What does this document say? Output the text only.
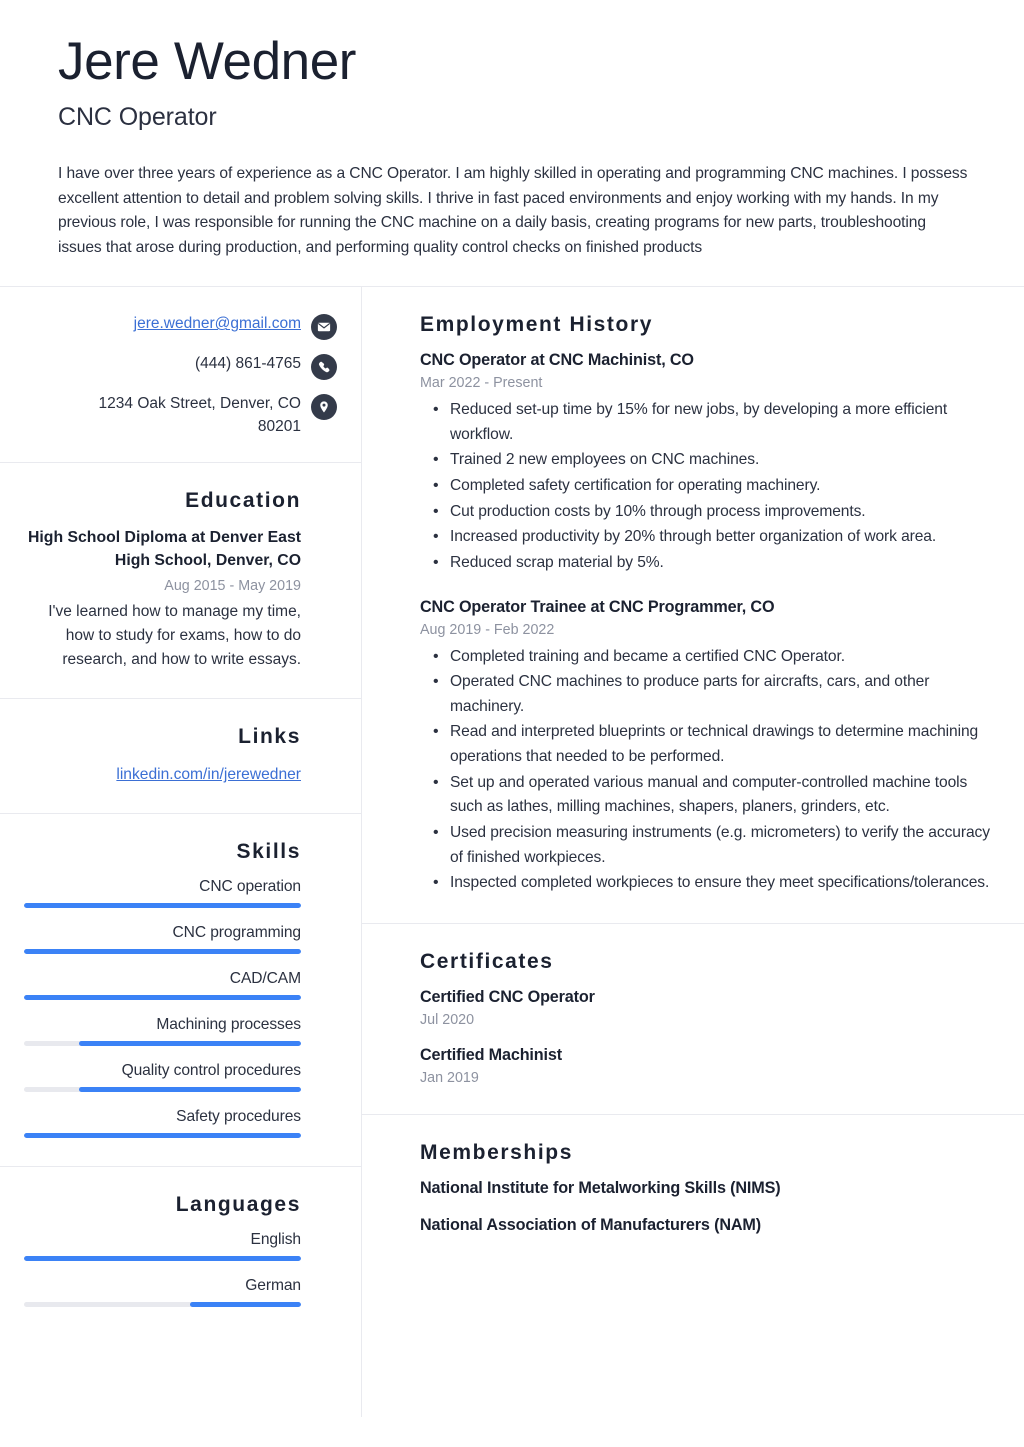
Jere Wedner
CNC Operator

I have over three years of experience as a CNC Operator. I am highly skilled in operating and programming CNC machines. I possess excellent attention to detail and problem solving skills. I thrive in fast paced environments and enjoy working with my hands. In my previous role, I was responsible for running the CNC machine on a daily basis, creating programs for new parts, troubleshooting issues that arose during production, and performing quality control checks on finished products

jere.wedner@gmail.com
(444) 861-4765
1234 Oak Street, Denver, CO 80201
Education
High School Diploma at Denver East High School, Denver, CO
Aug 2015 - May 2019
I've learned how to manage my time, how to study for exams, how to do research, and how to write essays.
Links
linkedin.com/in/jerewedner
Skills
CNC operation
CNC programming
CAD/CAM
Machining processes
Quality control procedures
Safety procedures
Languages
English
German
Employment History
CNC Operator at CNC Machinist, CO
Mar 2022 - Present
• Reduced set-up time by 15% for new jobs, by developing a more efficient workflow.
• Trained 2 new employees on CNC machines.
• Completed safety certification for operating machinery.
• Cut production costs by 10% through process improvements.
• Increased productivity by 20% through better organization of work area.
• Reduced scrap material by 5%.
CNC Operator Trainee at CNC Programmer, CO
Aug 2019 - Feb 2022
• Completed training and became a certified CNC Operator.
• Operated CNC machines to produce parts for aircrafts, cars, and other machinery.
• Read and interpreted blueprints or technical drawings to determine machining operations that needed to be performed.
• Set up and operated various manual and computer-controlled machine tools such as lathes, milling machines, shapers, planers, grinders, etc.
• Used precision measuring instruments (e.g. micrometers) to verify the accuracy of finished workpieces.
• Inspected completed workpieces to ensure they meet specifications/tolerances.
Certificates
Certified CNC Operator
Jul 2020
Certified Machinist
Jan 2019
Memberships
National Institute for Metalworking Skills (NIMS)
National Association of Manufacturers (NAM)
